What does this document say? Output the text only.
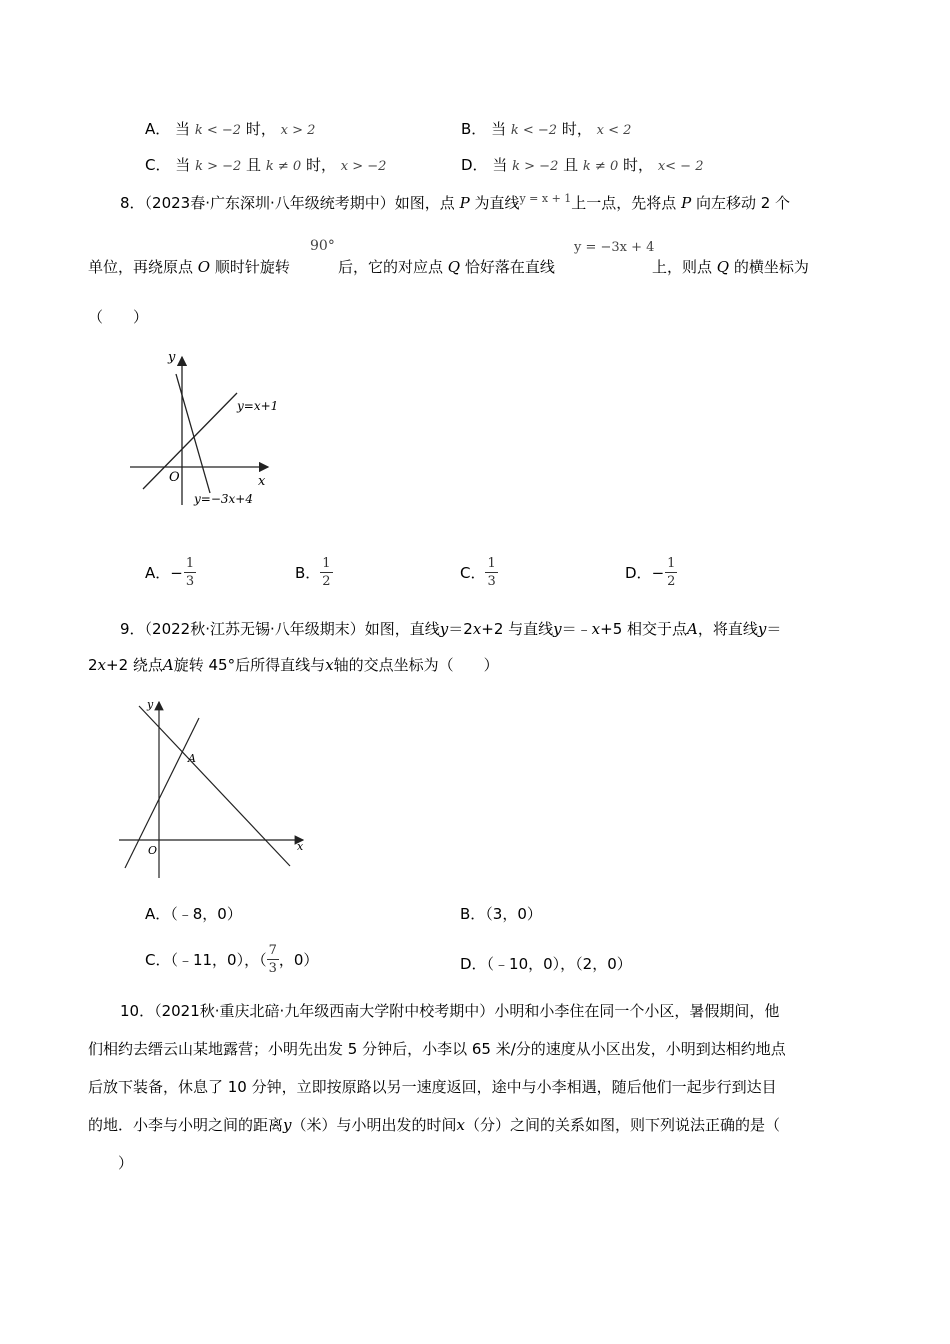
A． 当 k < −2 时， x > 2	B． 当 k < −2 时， x < 2
C． 当 k > −2 且 k ≠ 0 时， x > −2	D． 当 k > −2 且 k ≠ 0 时， x< − 2
8．（2023春·广东深圳·八年级统考期中）如图，点 P 为直线$^{y = x + 1}$上一点，先将点 P 向左移动 2 个
单位，再绕原点 O 顺时针旋转
90°
后，它的对应点 Q 恰好落在直线
y = −3x + 4
上，则点 Q 的横坐标为
（　　）
y
x
O
y=x+1
y=−3x+4
A．− $\frac{1}{3}$	B． $\frac{1}{2}$	C． $\frac{1}{3}$	D．− $\frac{1}{2}$
9．（2022秋·江苏无锡·八年级期末）如图，直线y＝2x+2 与直线y＝﹣x+5 相交于点A，将直线y＝
2x+2 绕点A旋转 45°后所得直线与x轴的交点坐标为（　　）
y
x
O
A
A．（﹣8，0）	B．（3，0）
C．（﹣11，0），（ $\frac{7}{3}$ ，0）	D．（﹣10，0），（2，0）
10．（2021秋·重庆北碚·九年级西南大学附中校考期中）小明和小李住在同一个小区，暑假期间，他
们相约去缙云山某地露营；小明先出发 5 分钟后，小李以 65 米/分的速度从小区出发，小明到达相约地点
后放下装备，休息了 10 分钟，立即按原路以另一速度返回，途中与小李相遇，随后他们一起步行到达目
的地．小李与小明之间的距离y（米）与小明出发的时间x（分）之间的关系如图，则下列说法正确的是（
　　）
